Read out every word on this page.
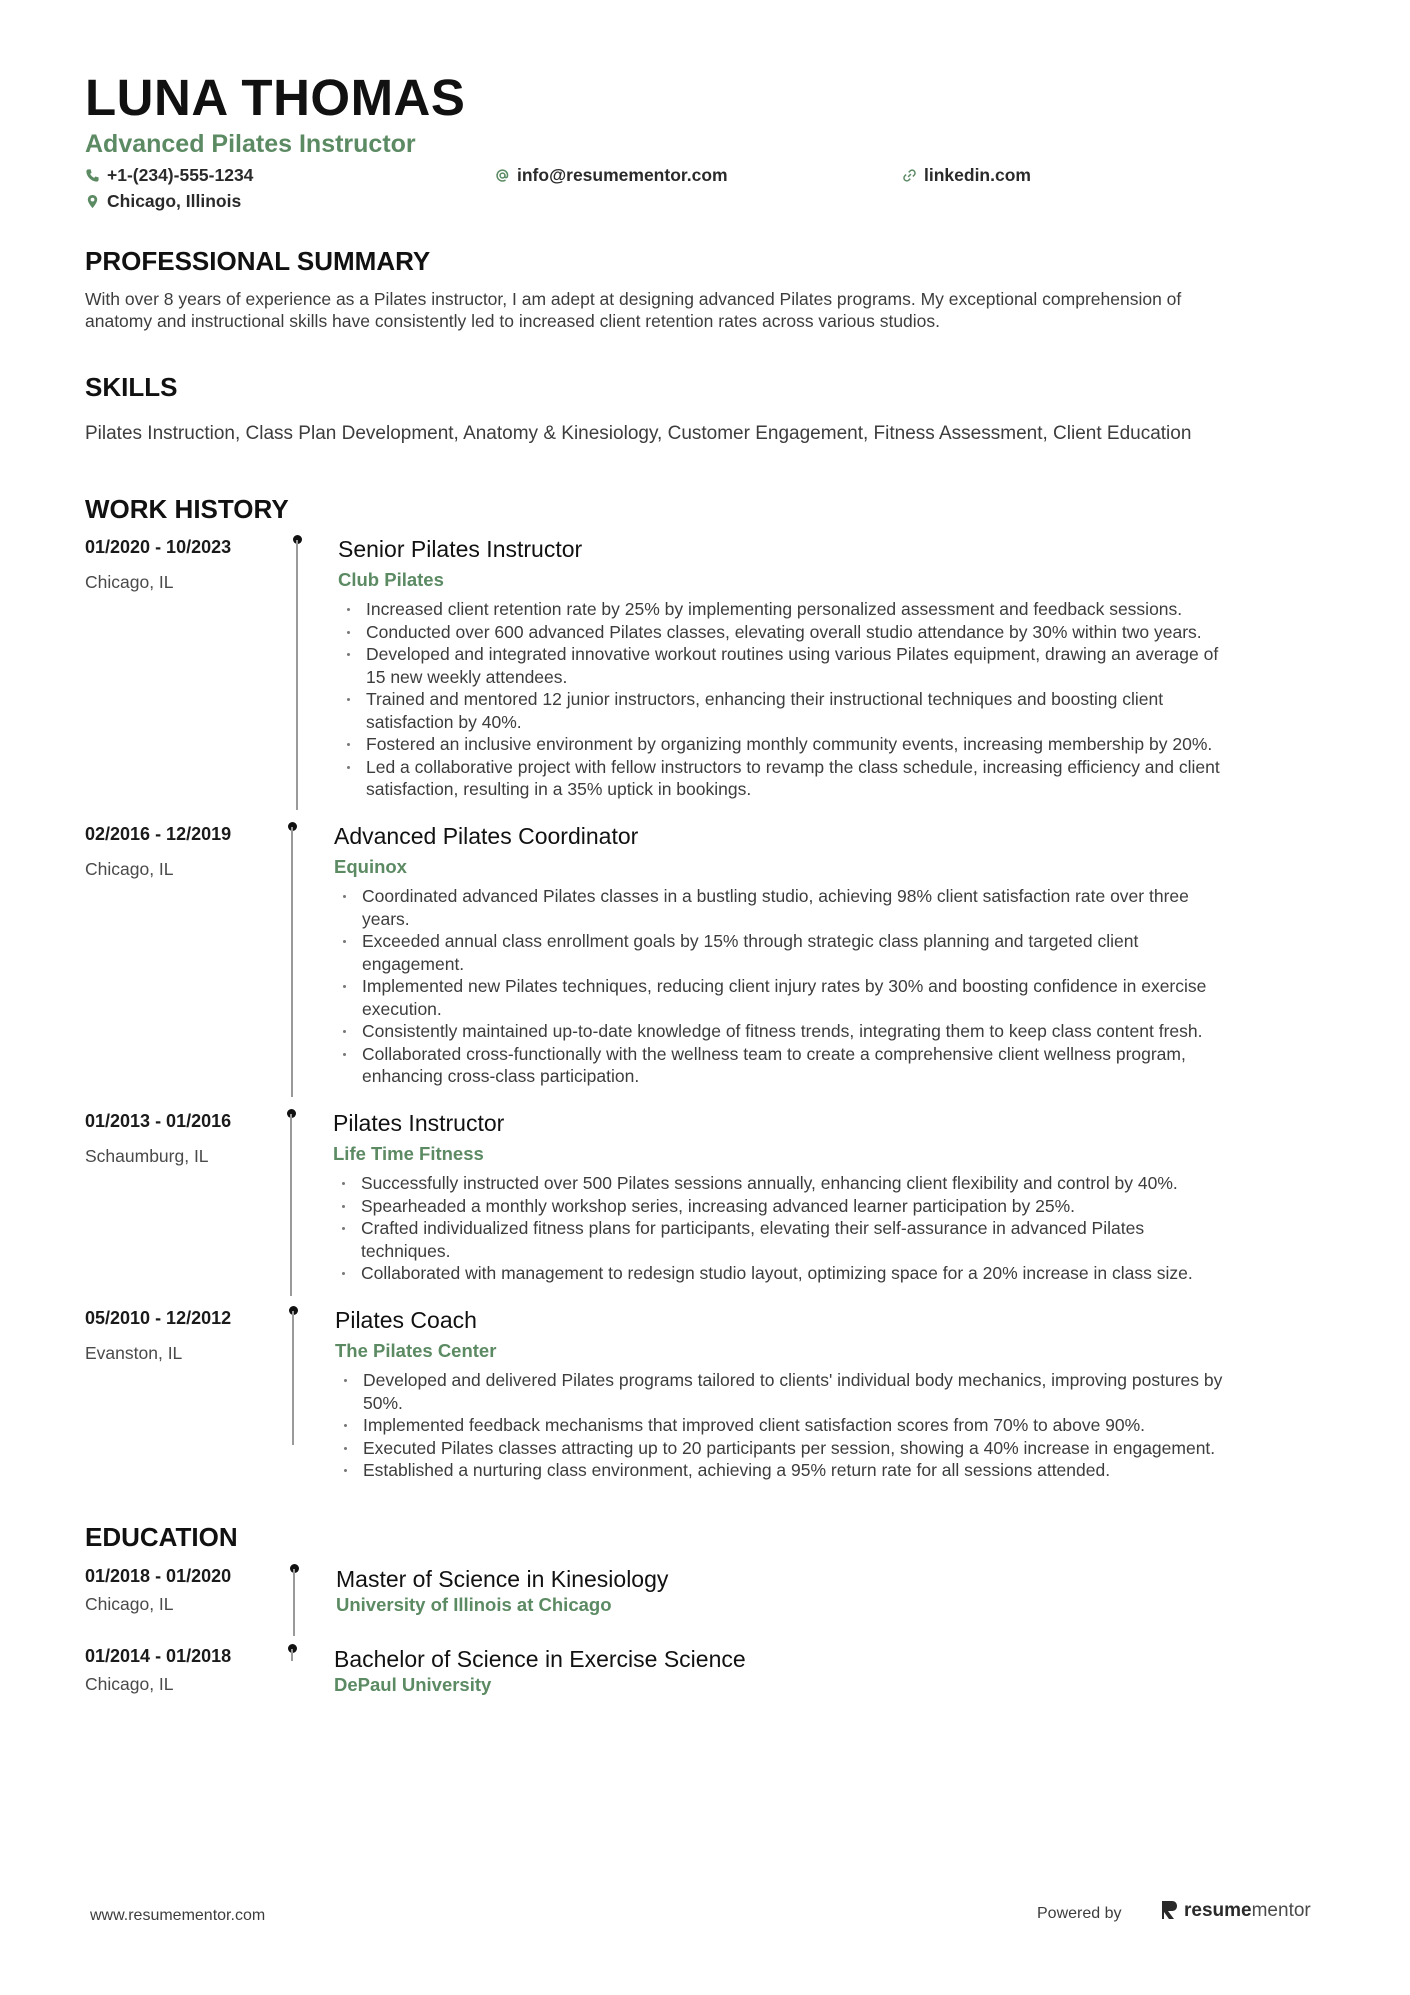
LUNA THOMAS
Advanced Pilates Instructor
+1-(234)-555-1234	info@resumementor.com	linkedin.com
Chicago, Illinois
PROFESSIONAL SUMMARY
With over 8 years of experience as a Pilates instructor, I am adept at designing advanced Pilates programs. My exceptional comprehension of
anatomy and instructional skills have consistently led to increased client retention rates across various studios.
SKILLS
Pilates Instruction, Class Plan Development, Anatomy & Kinesiology, Customer Engagement, Fitness Assessment, Client Education
WORK HISTORY
01/2020 - 10/2023
Chicago, IL
Senior Pilates Instructor
Club Pilates
Increased client retention rate by 25% by implementing personalized assessment and feedback sessions.
Conducted over 600 advanced Pilates classes, elevating overall studio attendance by 30% within two years.
Developed and integrated innovative workout routines using various Pilates equipment, drawing an average of
15 new weekly attendees.
Trained and mentored 12 junior instructors, enhancing their instructional techniques and boosting client
satisfaction by 40%.
Fostered an inclusive environment by organizing monthly community events, increasing membership by 20%.
Led a collaborative project with fellow instructors to revamp the class schedule, increasing efficiency and client
satisfaction, resulting in a 35% uptick in bookings.
02/2016 - 12/2019
Chicago, IL
Advanced Pilates Coordinator
Equinox
Coordinated advanced Pilates classes in a bustling studio, achieving 98% client satisfaction rate over three
years.
Exceeded annual class enrollment goals by 15% through strategic class planning and targeted client
engagement.
Implemented new Pilates techniques, reducing client injury rates by 30% and boosting confidence in exercise
execution.
Consistently maintained up-to-date knowledge of fitness trends, integrating them to keep class content fresh.
Collaborated cross-functionally with the wellness team to create a comprehensive client wellness program,
enhancing cross-class participation.
01/2013 - 01/2016
Schaumburg, IL
Pilates Instructor
Life Time Fitness
Successfully instructed over 500 Pilates sessions annually, enhancing client flexibility and control by 40%.
Spearheaded a monthly workshop series, increasing advanced learner participation by 25%.
Crafted individualized fitness plans for participants, elevating their self-assurance in advanced Pilates
techniques.
Collaborated with management to redesign studio layout, optimizing space for a 20% increase in class size.
05/2010 - 12/2012
Evanston, IL
Pilates Coach
The Pilates Center
Developed and delivered Pilates programs tailored to clients' individual body mechanics, improving postures by
50%.
Implemented feedback mechanisms that improved client satisfaction scores from 70% to above 90%.
Executed Pilates classes attracting up to 20 participants per session, showing a 40% increase in engagement.
Established a nurturing class environment, achieving a 95% return rate for all sessions attended.
EDUCATION
01/2018 - 01/2020
Chicago, IL
Master of Science in Kinesiology
University of Illinois at Chicago
01/2014 - 01/2018
Chicago, IL
Bachelor of Science in Exercise Science
DePaul University
www.resumementor.com	Powered by	resumementor
